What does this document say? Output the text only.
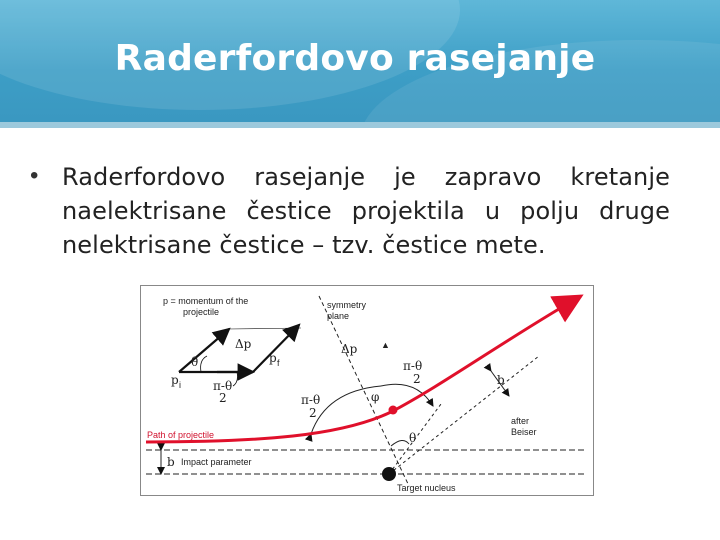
Raderfordovo rasejanje
• Raderfordovo rasejanje je zapravo kretanje naelektrisane čestice projektila u polju druge nelektrisane čestice – tzv. čestice mete.
p = momentum of the
projectile
symmetry
plane
Δp	Δp
θ
π-θ
2
p i
p f	π-θ
2
π-θ
2
φ
θ
b
after
Beiser
Path of projectile
b Impact parameter
Target nucleus
▲
